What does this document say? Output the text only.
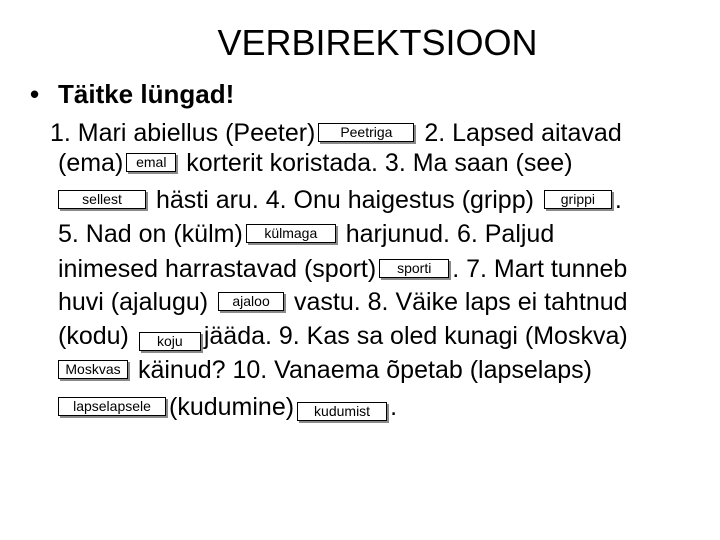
VERBIREKTSIOON
• Täitke lüngad!
1. Mari abiellus (Peeter) Peetriga 2. Lapsed aitavad
(ema) emal korterit koristada. 3. Ma saan (see)
sellest hästi aru. 4. Onu haigestus (gripp) grippi .
5. Nad on (külm) külmaga harjunud. 6. Paljud
inimesed harrastavad (sport) sporti . 7. Mart tunneb
huvi (ajalugu) ajaloo vastu. 8. Väike laps ei tahtnud
(kodu) koju jääda. 9. Kas sa oled kunagi (Moskva)
Moskvas käinud? 10. Vanaema õpetab (lapselaps)
lapselapsele (kudumine) kudumist .
